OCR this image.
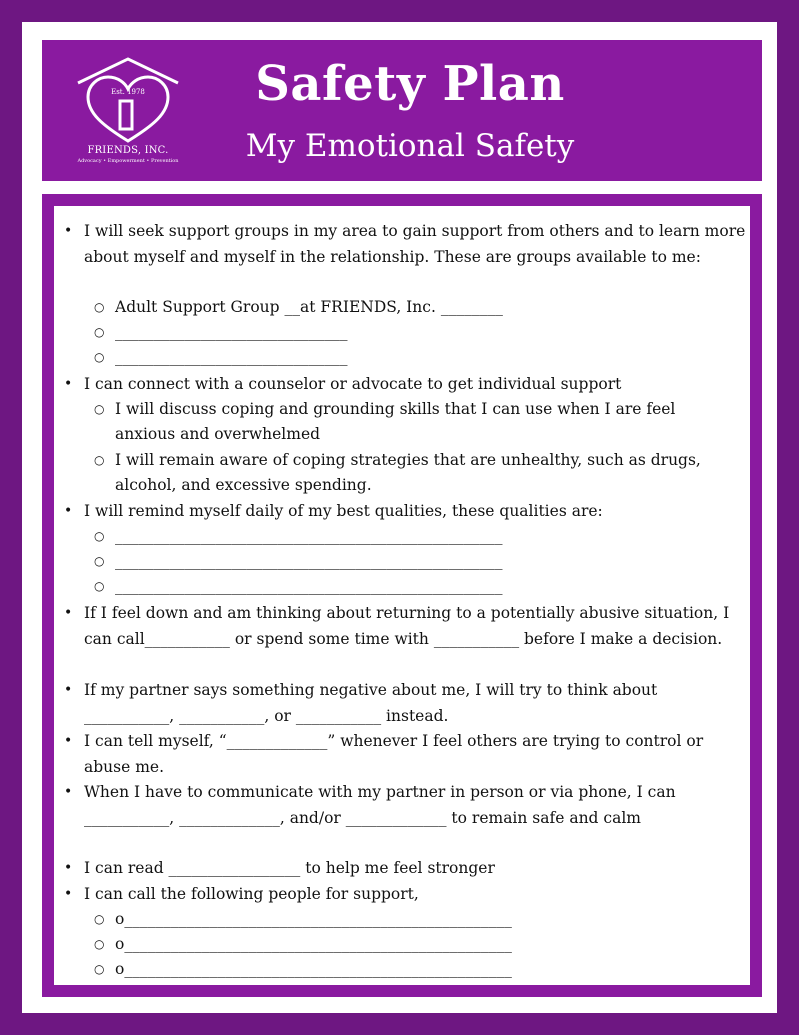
Est. 1978
FRIENDS, INC.
Advocacy • Empowerment • Prevention
Safety Plan
My Emotional Safety
• I will seek support groups in my area to gain support from others and to learn more about myself and myself in the relationship. These are groups available to me:
○ Adult Support Group __at FRIENDS, Inc. ________
○ ______________________________
○ ______________________________
• I can connect with a counselor or advocate to get individual support
○ I will discuss coping and grounding skills that I can use when I are feel anxious and overwhelmed
○ I will remain aware of coping strategies that are unhealthy, such as drugs, alcohol, and excessive spending.
• I will remind myself daily of my best qualities, these qualities are:
○ __________________________________________________
○ __________________________________________________
○ __________________________________________________
• If I feel down and am thinking about returning to a potentially abusive situation, I can call___________ or spend some time with ___________ before I make a decision.
• If my partner says something negative about me, I will try to think about ___________, ___________, or ___________ instead.
• I can tell myself, “_____________” whenever I feel others are trying to control or abuse me.
• When I have to communicate with my partner in person or via phone, I can ___________, _____________, and/or _____________ to remain safe and calm
• I can read _________________ to help me feel stronger
• I can call the following people for support,
○ o__________________________________________________
○ o__________________________________________________
○ o__________________________________________________
